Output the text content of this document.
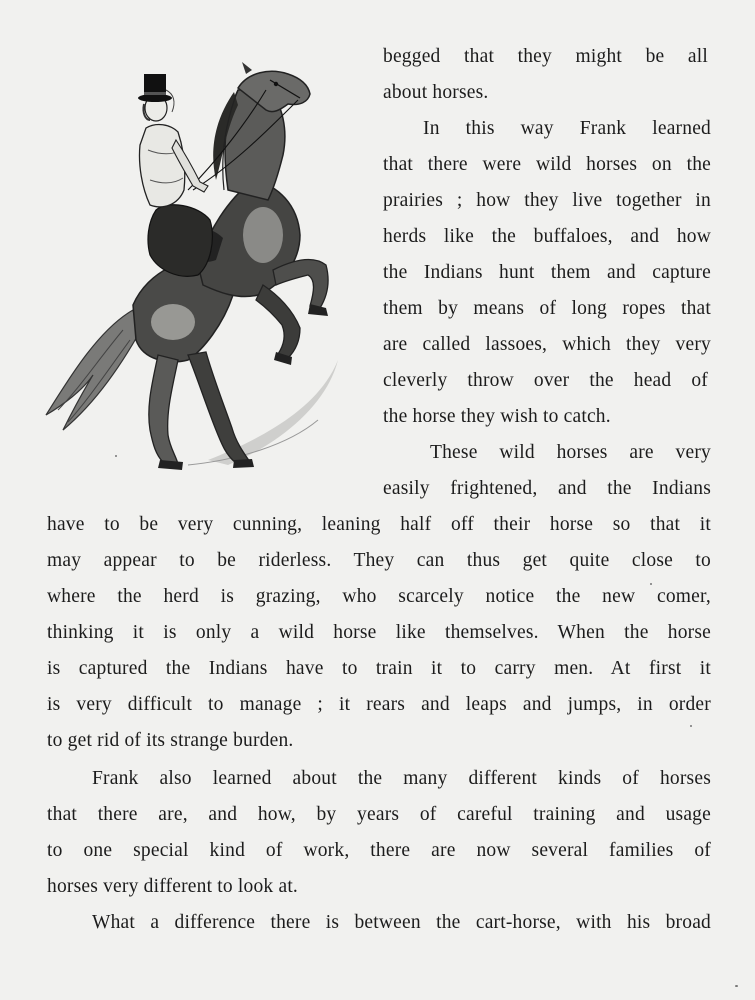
begged that they might be all
about horses.
In this way Frank learned
that there were wild horses on the
prairies ; how they live together in
herds like the buffaloes, and how
the Indians hunt them and capture
them by means of long ropes that
are called lassoes, which they very
cleverly throw over the head of
the horse they wish to catch.
These wild horses are very
easily frightened, and the Indians
have to be very cunning, leaning half off their horse so that it
may appear to be riderless. They can thus get quite close to
where the herd is grazing, who scarcely notice the new comer,
thinking it is only a wild horse like themselves. When the horse
is captured the Indians have to train it to carry men. At first it
is very difficult to manage ; it rears and leaps and jumps, in order
to get rid of its strange burden.
Frank also learned about the many different kinds of horses
that there are, and how, by years of careful training and usage
to one special kind of work, there are now several families of
horses very different to look at.
What a difference there is between the cart-horse, with his broad
